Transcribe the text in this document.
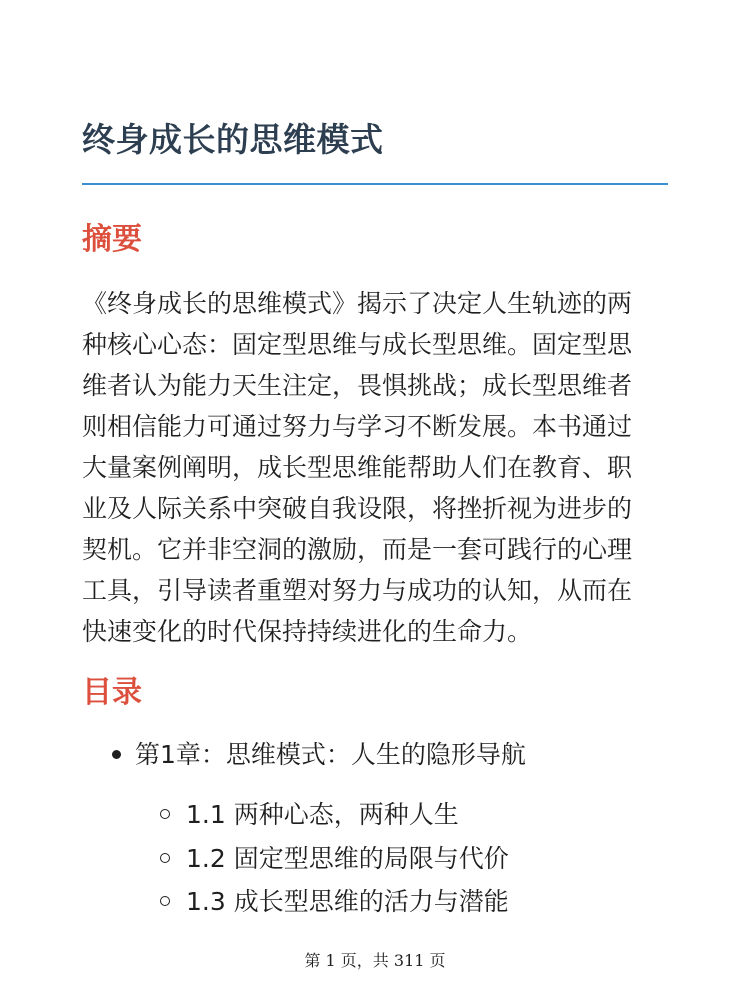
终身成长的思维模式
摘要
《终身成长的思维模式》揭示了决定人生轨迹的两
种核心心态：固定型思维与成长型思维。固定型思
维者认为能力天生注定，畏惧挑战；成长型思维者
则相信能力可通过努力与学习不断发展。本书通过
大量案例阐明，成长型思维能帮助人们在教育、职
业及人际关系中突破自我设限，将挫折视为进步的
契机。它并非空洞的激励，而是一套可践行的心理
工具，引导读者重塑对努力与成功的认知，从而在
快速变化的时代保持持续进化的生命力。
目录
第1章：思维模式：人生的隐形导航
1.1 两种心态，两种人生
1.2 固定型思维的局限与代价
1.3 成长型思维的活力与潜能
第 1 页，共 311 页
